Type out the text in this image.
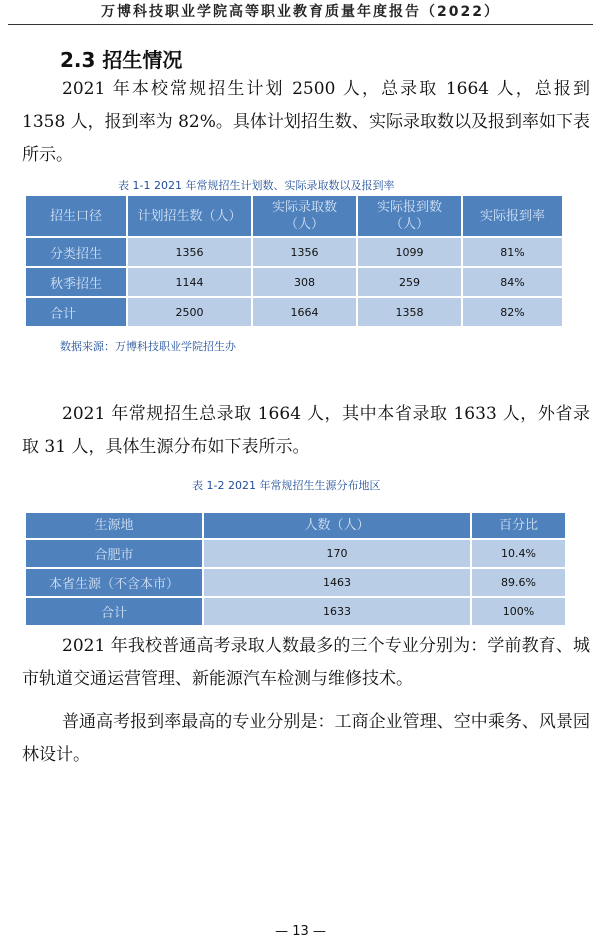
万博科技职业学院高等职业教育质量年度报告（2022）
2.3 招生情况

2021 年本校常规招生计划 2500 人，总录取 1664 人，总报到 1358 人，报到率为 82%。具体计划招生数、实际录取数以及报到率如下表所示。

表 1-1 2021 年常规招生计划数、实际录取数以及报到率
招生口径	计划招生数（人）	实际录取数（人）	实际报到数（人）	实际报到率
分类招生	1356	1356	1099	81%
秋季招生	1144	308	259	84%
合计	2500	1664	1358	82%
数据来源：万博科技职业学院招生办

2021 年常规招生总录取 1664 人，其中本省录取 1633 人，外省录取 31 人，具体生源分布如下表所示。

表 1-2 2021 年常规招生生源分布地区
生源地	人数（人）	百分比
合肥市	170	10.4%
本省生源（不含本市）	1463	89.6%
合计	1633	100%

2021 年我校普通高考录取人数最多的三个专业分别为：学前教育、城市轨道交通运营管理、新能源汽车检测与维修技术。

普通高考报到率最高的专业分别是：工商企业管理、空中乘务、风景园林设计。

— 13 —
